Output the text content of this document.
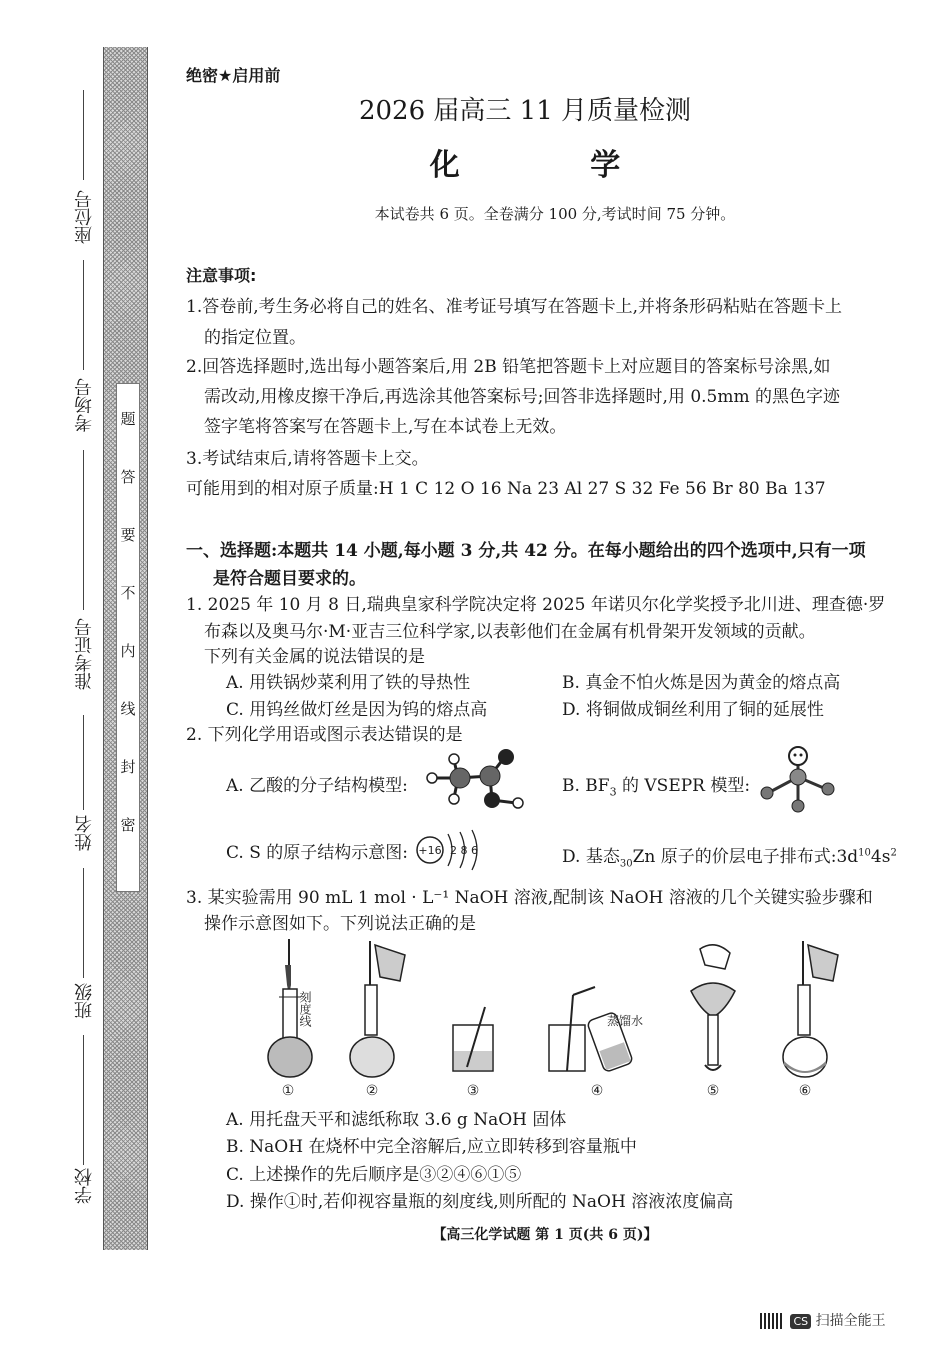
密
封
线
内
不
要
答
题
座位号
考场号
准考证号
姓名
班级
学校
绝密★启用前
2026 届高三 11 月质量检测
化 学
本试卷共 6 页。全卷满分 100 分,考试时间 75 分钟。
注意事项:
1.答卷前,考生务必将自己的姓名、准考证号填写在答题卡上,并将条形码粘贴在答题卡上
的指定位置。
2.回答选择题时,选出每小题答案后,用 2B 铅笔把答题卡上对应题目的答案标号涂黑,如
需改动,用橡皮擦干净后,再选涂其他答案标号;回答非选择题时,用 0.5mm 的黑色字迹
签字笔将答案写在答题卡上,写在本试卷上无效。
3.考试结束后,请将答题卡上交。
可能用到的相对原子质量:H 1 C 12 O 16 Na 23 Al 27 S 32 Fe 56 Br 80 Ba 137
一、选择题:本题共 14 小题,每小题 3 分,共 42 分。在每小题给出的四个选项中,只有一项
是符合题目要求的。
1. 2025 年 10 月 8 日,瑞典皇家科学院决定将 2025 年诺贝尔化学奖授予北川进、理查德·罗
布森以及奥马尔·M·亚吉三位科学家,以表彰他们在金属有机骨架开发领域的贡献。
下列有关金属的说法错误的是
A. 用铁锅炒菜利用了铁的导热性	B. 真金不怕火炼是因为黄金的熔点高
C. 用钨丝做灯丝是因为钨的熔点高	D. 将铜做成铜丝利用了铜的延展性
2. 下列化学用语或图示表达错误的是
A. 乙酸的分子结构模型:	B. $BF_3$ 的 VSEPR 模型:
C. S 的原子结构示意图: +16 2 8 6	D. 基态$_{30}$Zn 原子的价层电子排布式$:3d^{10}4s^2$
3. 某实验需用 90 mL 1 mol · L⁻¹ NaOH 溶液,配制该 NaOH 溶液的几个关键实验步骤和
操作示意图如下。下列说法正确的是
刻度线
①	②	③
蒸馏水
④	⑤	⑥
A. 用托盘天平和滤纸称取 3.6 g NaOH 固体
B. NaOH 在烧杯中完全溶解后,应立即转移到容量瓶中
C. 上述操作的先后顺序是③②④⑥①⑤
D. 操作①时,若仰视容量瓶的刻度线,则所配的 NaOH 溶液浓度偏高
【高三化学试题 第 1 页(共 6 页)】
CS 扫描全能王
